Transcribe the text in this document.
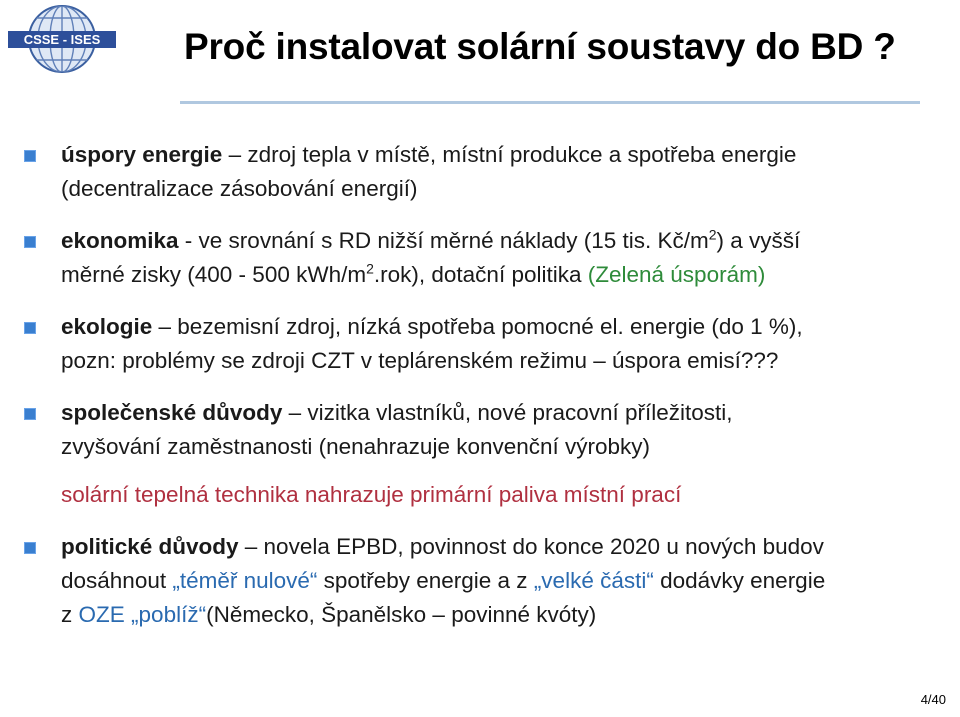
CSSE - ISES Proč instalovat solární soustavy do BD ?
úspory energie – zdroj tepla v místě, místní produkce a spotřeba energie
(decentralizace zásobování energií)
ekonomika - ve srovnání s RD nižší měrné náklady (15 tis. $Kč/m^2$) a vyšší
měrné zisky (400 - 500 kWh/$m^2.rok$), dotační politika (Zelená úsporám)
ekologie – bezemisní zdroj, nízká spotřeba pomocné el. energie (do 1 %),
pozn: problémy se zdroji CZT v teplárenském režimu – úspora emisí???
společenské důvody – vizitka vlastníků, nové pracovní příležitosti,
zvyšování zaměstnanosti (nenahrazuje konvenční výrobky)
solární tepelná technika nahrazuje primární paliva místní prací
politické důvody – novela EPBD, povinnost do konce 2020 u nových budov
dosáhnout „téměř nulové“ spotřeby energie a z „velké části“ dodávky energie
z OZE „poblíž“(Německo, Španělsko – povinné kvóty)
4/40
